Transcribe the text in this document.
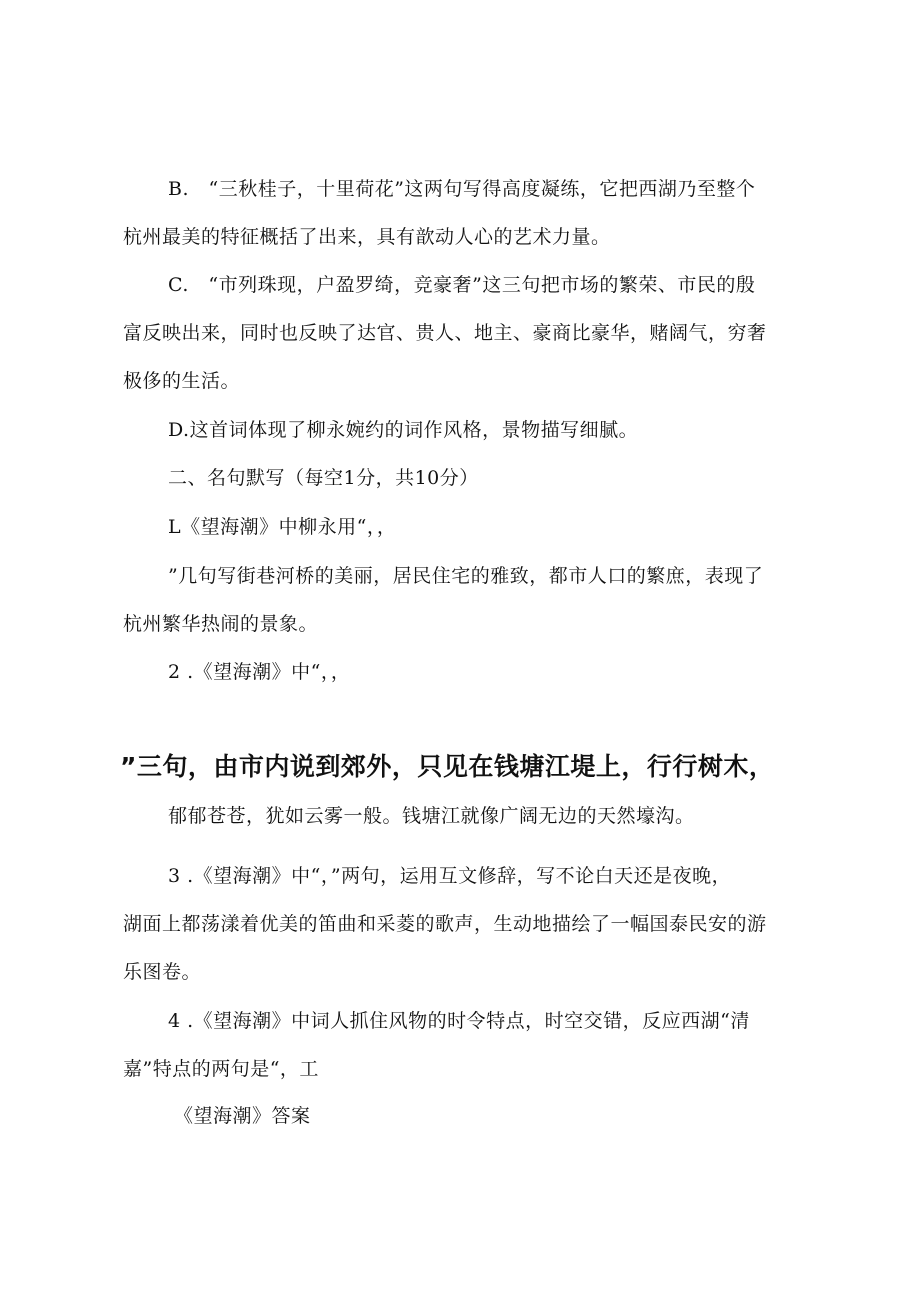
B.　“三秋桂子，十里荷花”这两句写得高度凝练，它把西湖乃至整个
杭州最美的特征概括了出来，具有歆动人心的艺术力量。
C.　“市列珠现，户盈罗绮，竞豪奢”这三句把市场的繁荣、市民的殷
富反映出来，同时也反映了达官、贵人、地主、豪商比豪华，赌阔气，穷奢
极侈的生活。
D.这首词体现了柳永婉约的词作风格，景物描写细腻。
二、名句默写（每空1分，共10分）
L《望海潮》中柳永用“，，
”几句写街巷河桥的美丽，居民住宅的雅致，都市人口的繁庶，表现了
杭州繁华热闹的景象。
2 .《望海潮》中“，，
”三句，由市内说到郊外，只见在钱塘江堤上，行行树木，
郁郁苍苍，犹如云雾一般。钱塘江就像广阔无边的天然壕沟。
3 .《望海潮》中“，”两句，运用互文修辞，写不论白天还是夜晚，
湖面上都荡漾着优美的笛曲和采菱的歌声，生动地描绘了一幅国泰民安的游
乐图卷。
4 .《望海潮》中词人抓住风物的时令特点，时空交错，反应西湖“清
嘉”特点的两句是“，工
《望海潮》答案
